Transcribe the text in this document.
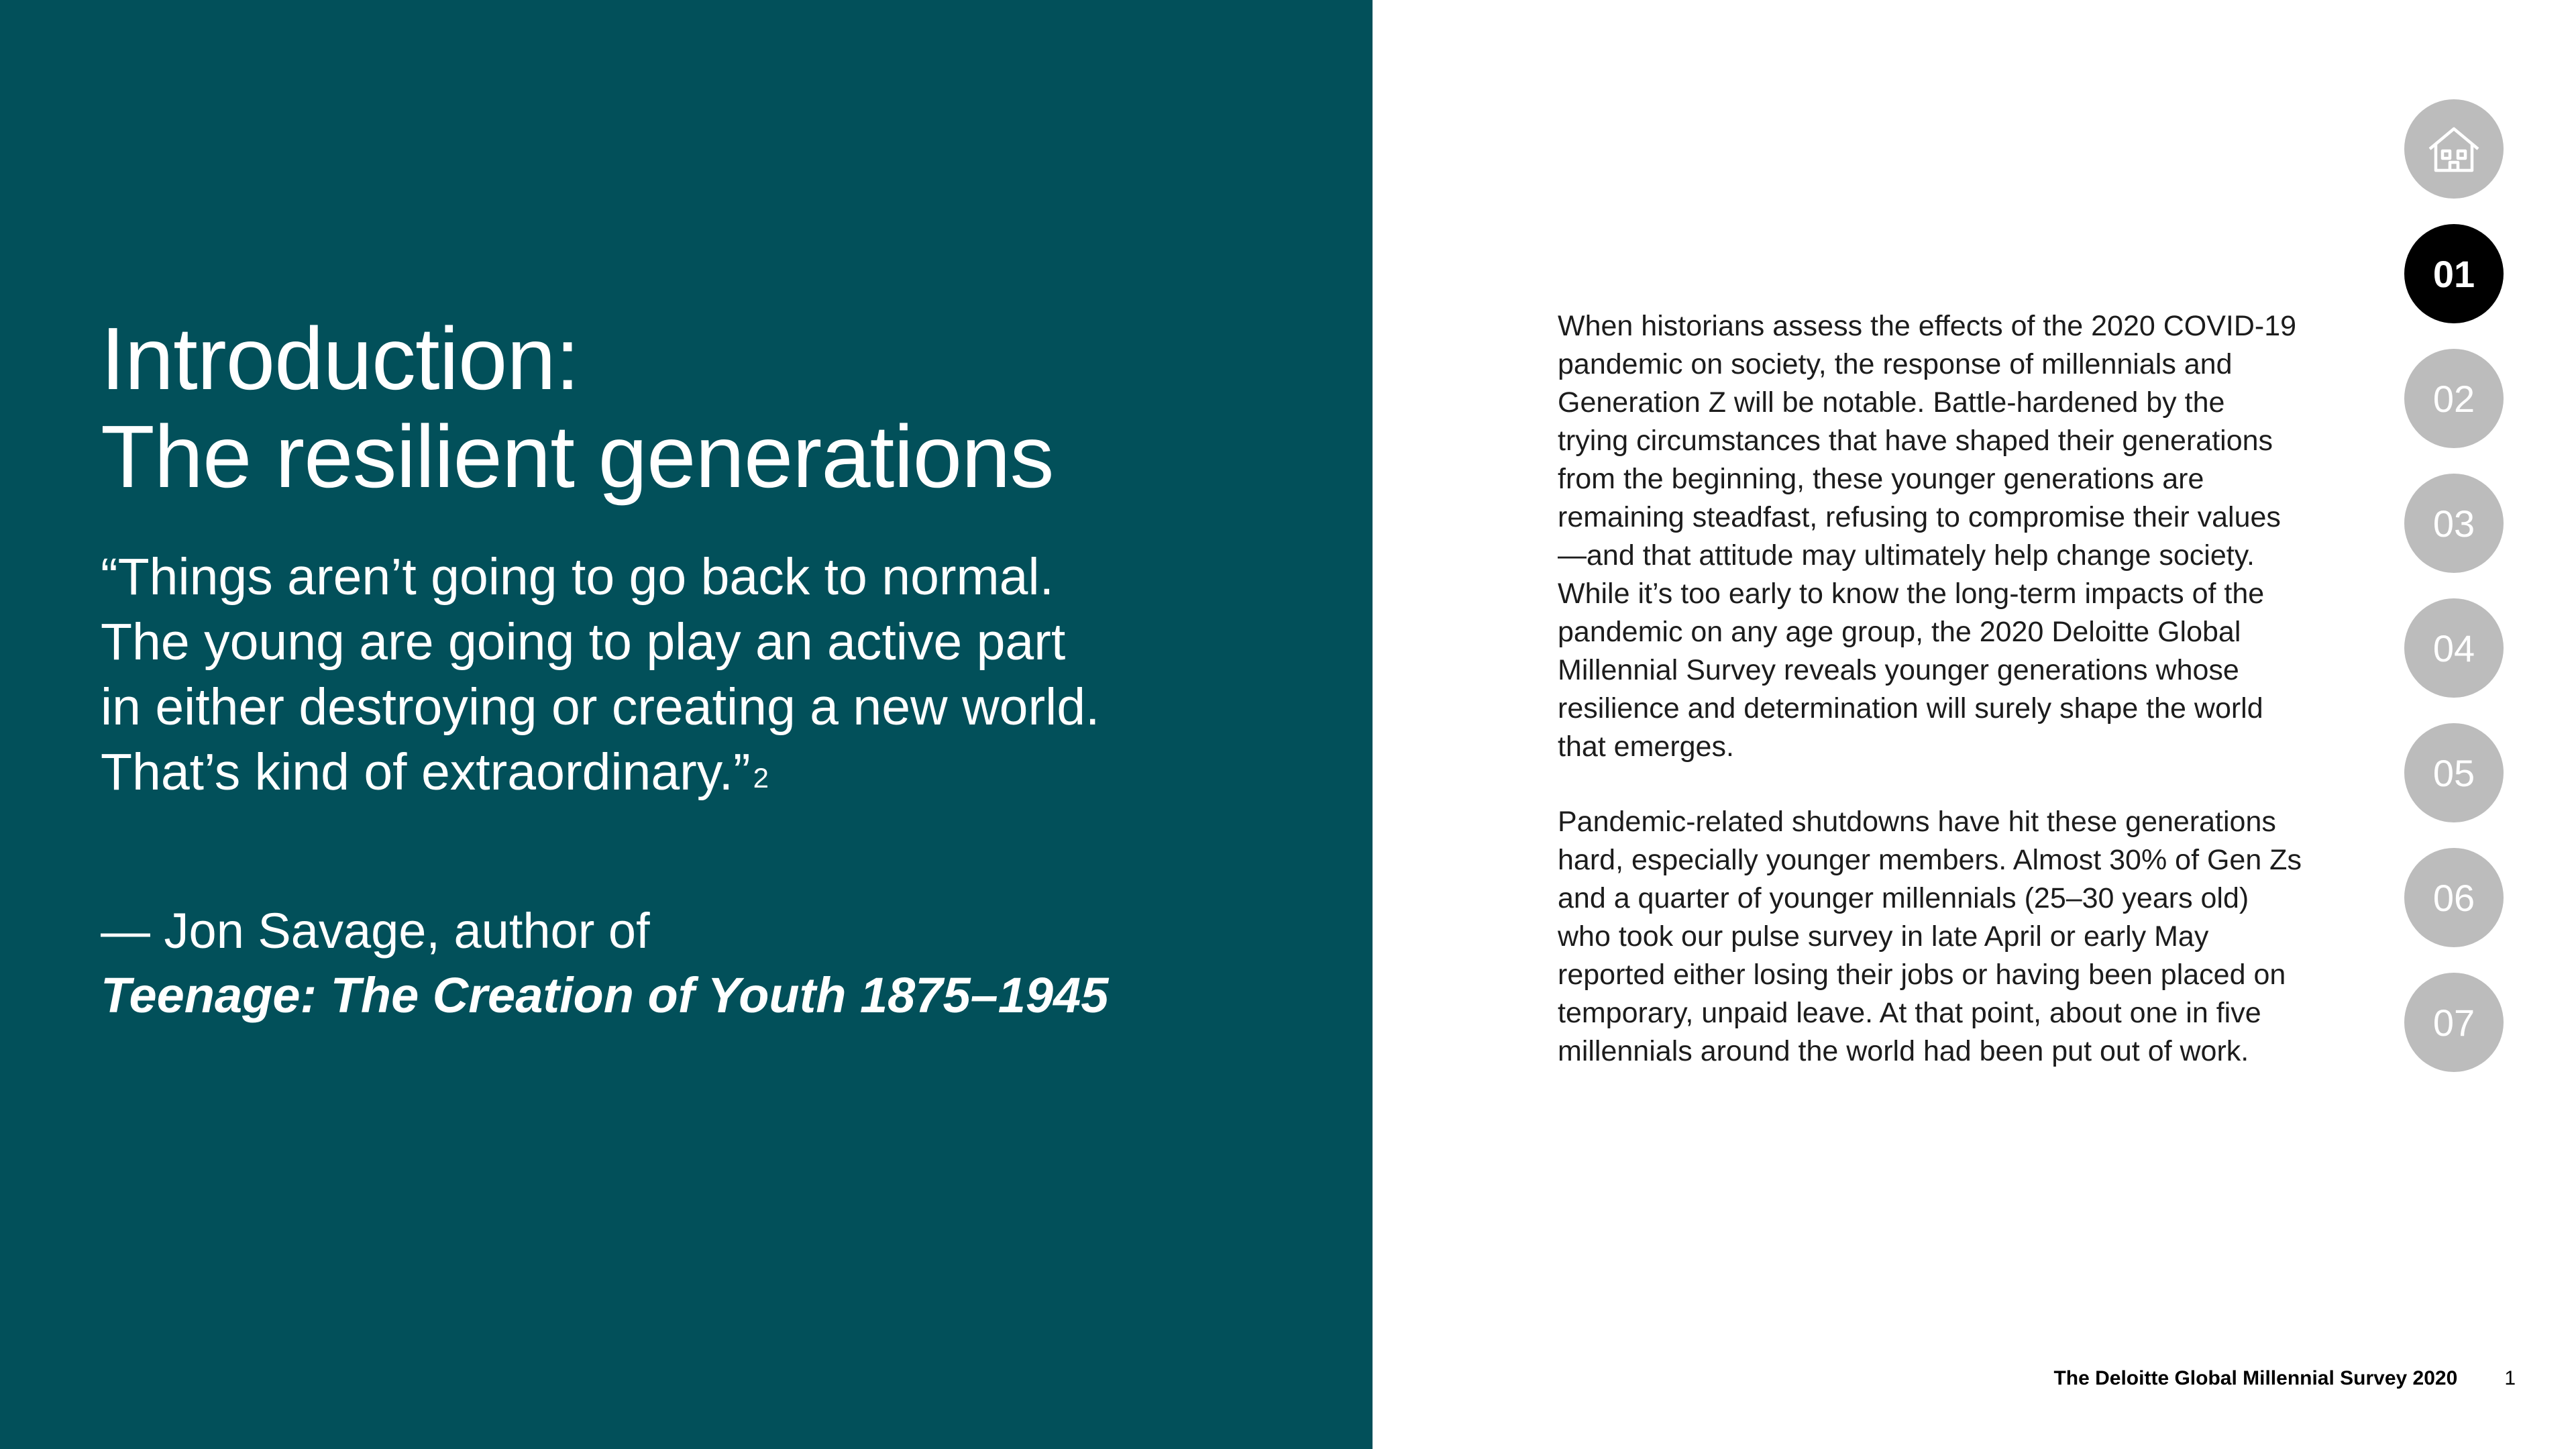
Introduction:
The resilient generations

“Things aren’t going to go back to normal.
The young are going to play an active part
in either destroying or creating a new world.
That’s kind of extraordinary.”$^2$

— Jon Savage, author of
Teenage: The Creation of Youth 1875–1945

When historians assess the effects of the 2020 COVID-19 pandemic on society, the response of millennials and Generation Z will be notable. Battle-hardened by the trying circumstances that have shaped their generations from the beginning, these younger generations are remaining steadfast, refusing to compromise their values—and that attitude may ultimately help change society. While it’s too early to know the long-term impacts of the pandemic on any age group, the 2020 Deloitte Global Millennial Survey reveals younger generations whose resilience and determination will surely shape the world that emerges.

Pandemic-related shutdowns have hit these generations hard, especially younger members. Almost 30% of Gen Zs and a quarter of younger millennials (25–30 years old) who took our pulse survey in late April or early May reported either losing their jobs or having been placed on temporary, unpaid leave. At that point, about one in five millennials around the world had been put out of work.

01
02
03
04
05
06
07
The Deloitte Global Millennial Survey 2020 1
